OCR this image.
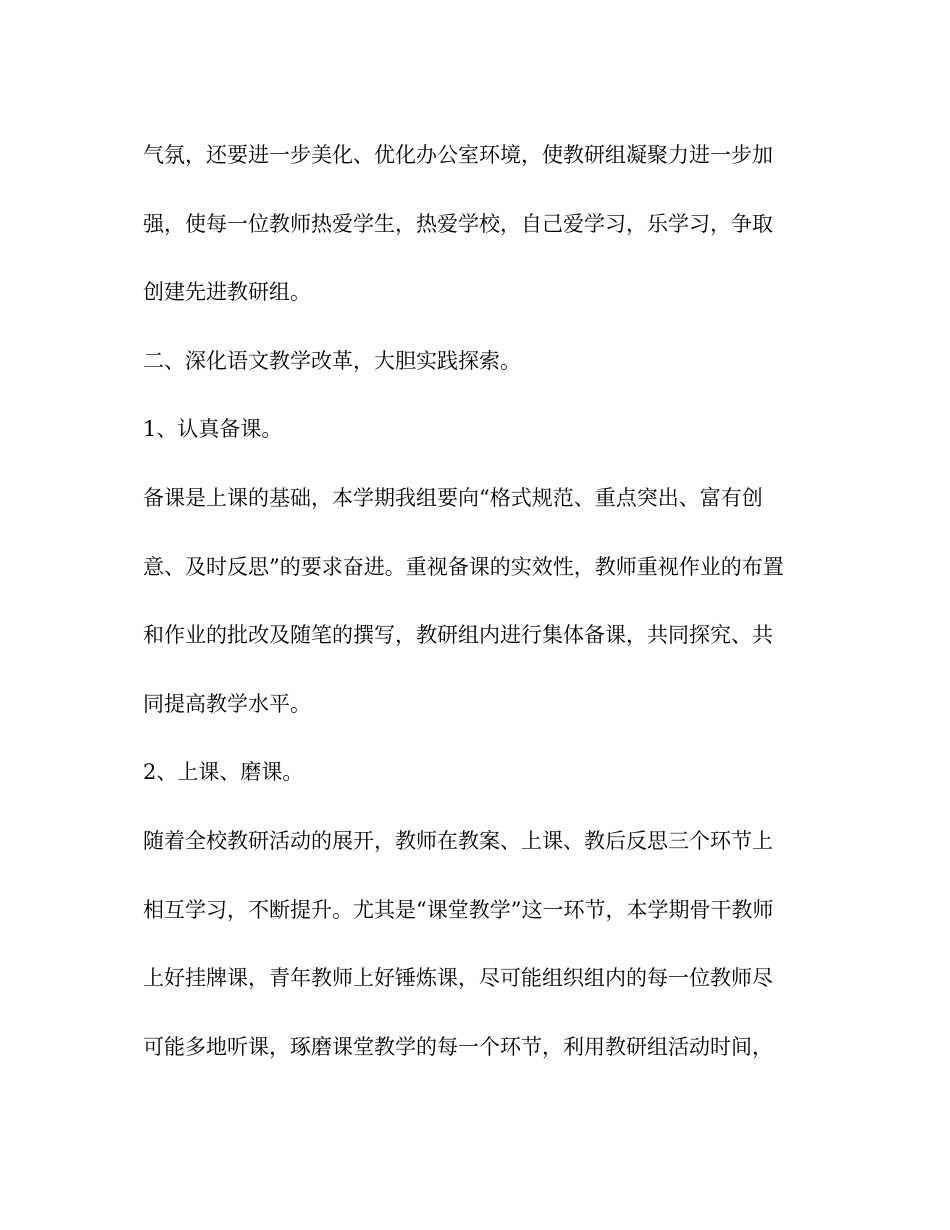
气氛，还要进一步美化、优化办公室环境，使教研组凝聚力进一步加

强，使每一位教师热爱学生，热爱学校，自己爱学习，乐学习，争取

创建先进教研组。

二、深化语文教学改革，大胆实践探索。

1、认真备课。

备课是上课的基础，本学期我组要向“格式规范、重点突出、富有创

意、及时反思”的要求奋进。重视备课的实效性，教师重视作业的布置

和作业的批改及随笔的撰写，教研组内进行集体备课，共同探究、共

同提高教学水平。

2、上课、磨课。

随着全校教研活动的展开，教师在教案、上课、教后反思三个环节上

相互学习，不断提升。尤其是“课堂教学”这一环节，本学期骨干教师

上好挂牌课，青年教师上好锤炼课，尽可能组织组内的每一位教师尽

可能多地听课，琢磨课堂教学的每一个环节，利用教研组活动时间，
